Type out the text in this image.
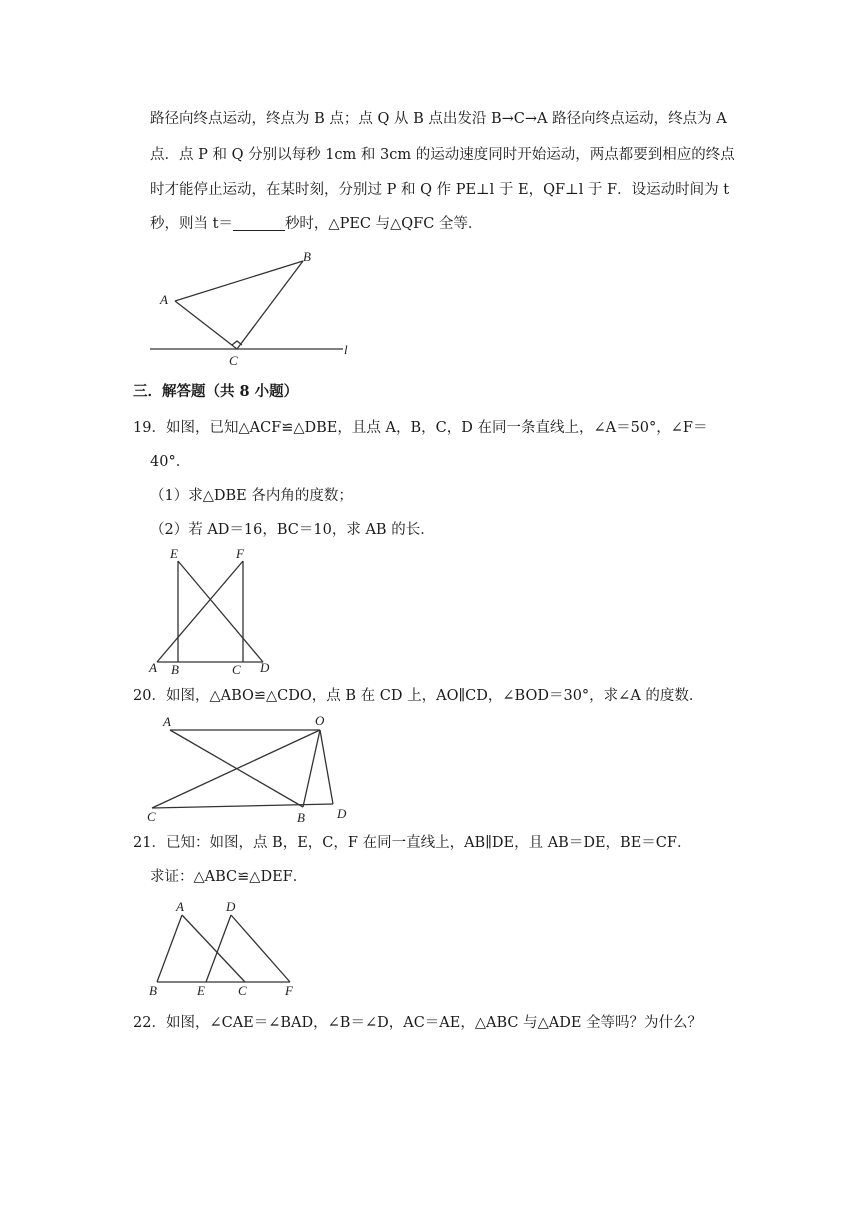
路径向终点运动，终点为 B 点；点 Q 从 B 点出发沿 B→C→A 路径向终点运动，终点为 A
点．点 P 和 Q 分别以每秒 1cm 和 3cm 的运动速度同时开始运动，两点都要到相应的终点
时才能停止运动，在某时刻，分别过 P 和 Q 作 PE⊥l 于 E，QF⊥l 于 F．设运动时间为 t
秒，则当 t＝	秒时，△PEC 与△QFC 全等．
A
B
C
l
三．解答题（共 8 小题）
19．如图，已知△ACF≌△DBE，且点 A，B，C，D 在同一条直线上，∠A＝50°，∠F＝
40°．
（1）求△DBE 各内角的度数；
（2）若 AD＝16，BC＝10，求 AB 的长．
E	F
A B	C D
20．如图，△ABO≌△CDO，点 B 在 CD 上，AO∥CD，∠BOD＝30°，求∠A 的度数．
A	O
C	B D
21．已知：如图，点 B，E，C，F 在同一直线上，AB∥DE，且 AB＝DE，BE＝CF．
求证：△ABC≌△DEF．
A	D
B	E	C	F
22．如图，∠CAE＝∠BAD，∠B＝∠D，AC＝AE，△ABC 与△ADE 全等吗？为什么？
